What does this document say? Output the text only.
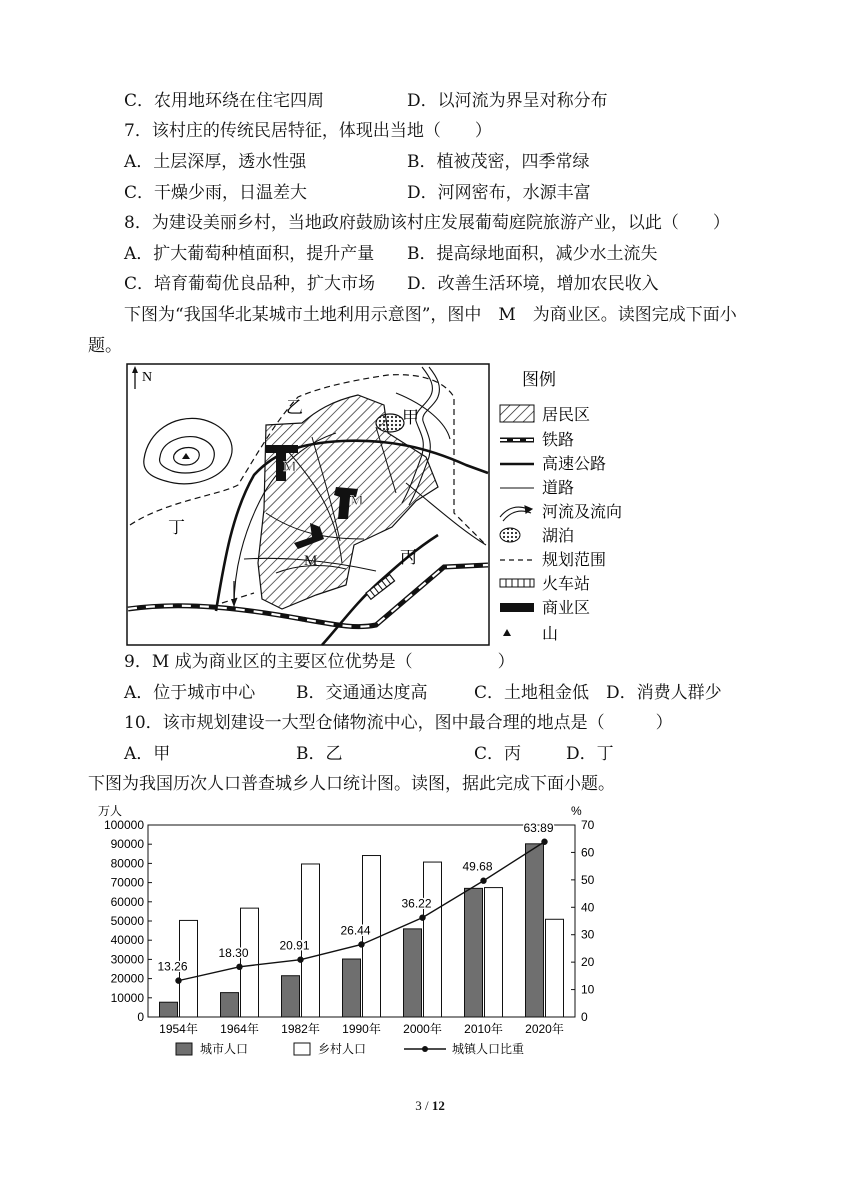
C．农用地环绕在住宅四周	D．以河流为界呈对称分布
7．该村庄的传统民居特征，体现出当地（　　）
A．土层深厚，透水性强	B．植被茂密，四季常绿
C．干燥少雨，日温差大	D．河网密布，水源丰富
8．为建设美丽乡村，当地政府鼓励该村庄发展葡萄庭院旅游产业，以此（　　）
A．扩大葡萄种植面积，提升产量 B．提高绿地面积，减少水土流失
C．培育葡萄优良品种，扩大市场 D．改善生活环境，增加农民收入
下图为“我国华北某城市土地利用示意图”，图中　M　为商业区。读图完成下面小
题。
N
M
M
M
乙	甲
丁
丙
图例
居民区
铁路
高速公路
道路
河流及流向
湖泊
规划范围
火车站
商业区
山
9．M 成为商业区的主要区位优势是（　　　　　）
A．位于城市中心 B．交通通达度高	C．土地租金低 D．消费人群少
10．该市规划建设一大型仓储物流中心，图中最合理的地点是（　　　）
A．甲	B．乙	C．丙	D．丁
下图为我国历次人口普查城乡人口统计图。读图，据此完成下面小题。
万人	%
0
10000
20000
30000
40000
50000
60000
70000
80000
90000
100000
0
10
20
30
40
50
60
70
1954年 1964年 1982年 1990年 2000年 2010年 2020年
13.26
18.30
20.91
26.44
36.22
49.68
63.89
城市人口	乡村人口	城镇人口比重
3 / 12
